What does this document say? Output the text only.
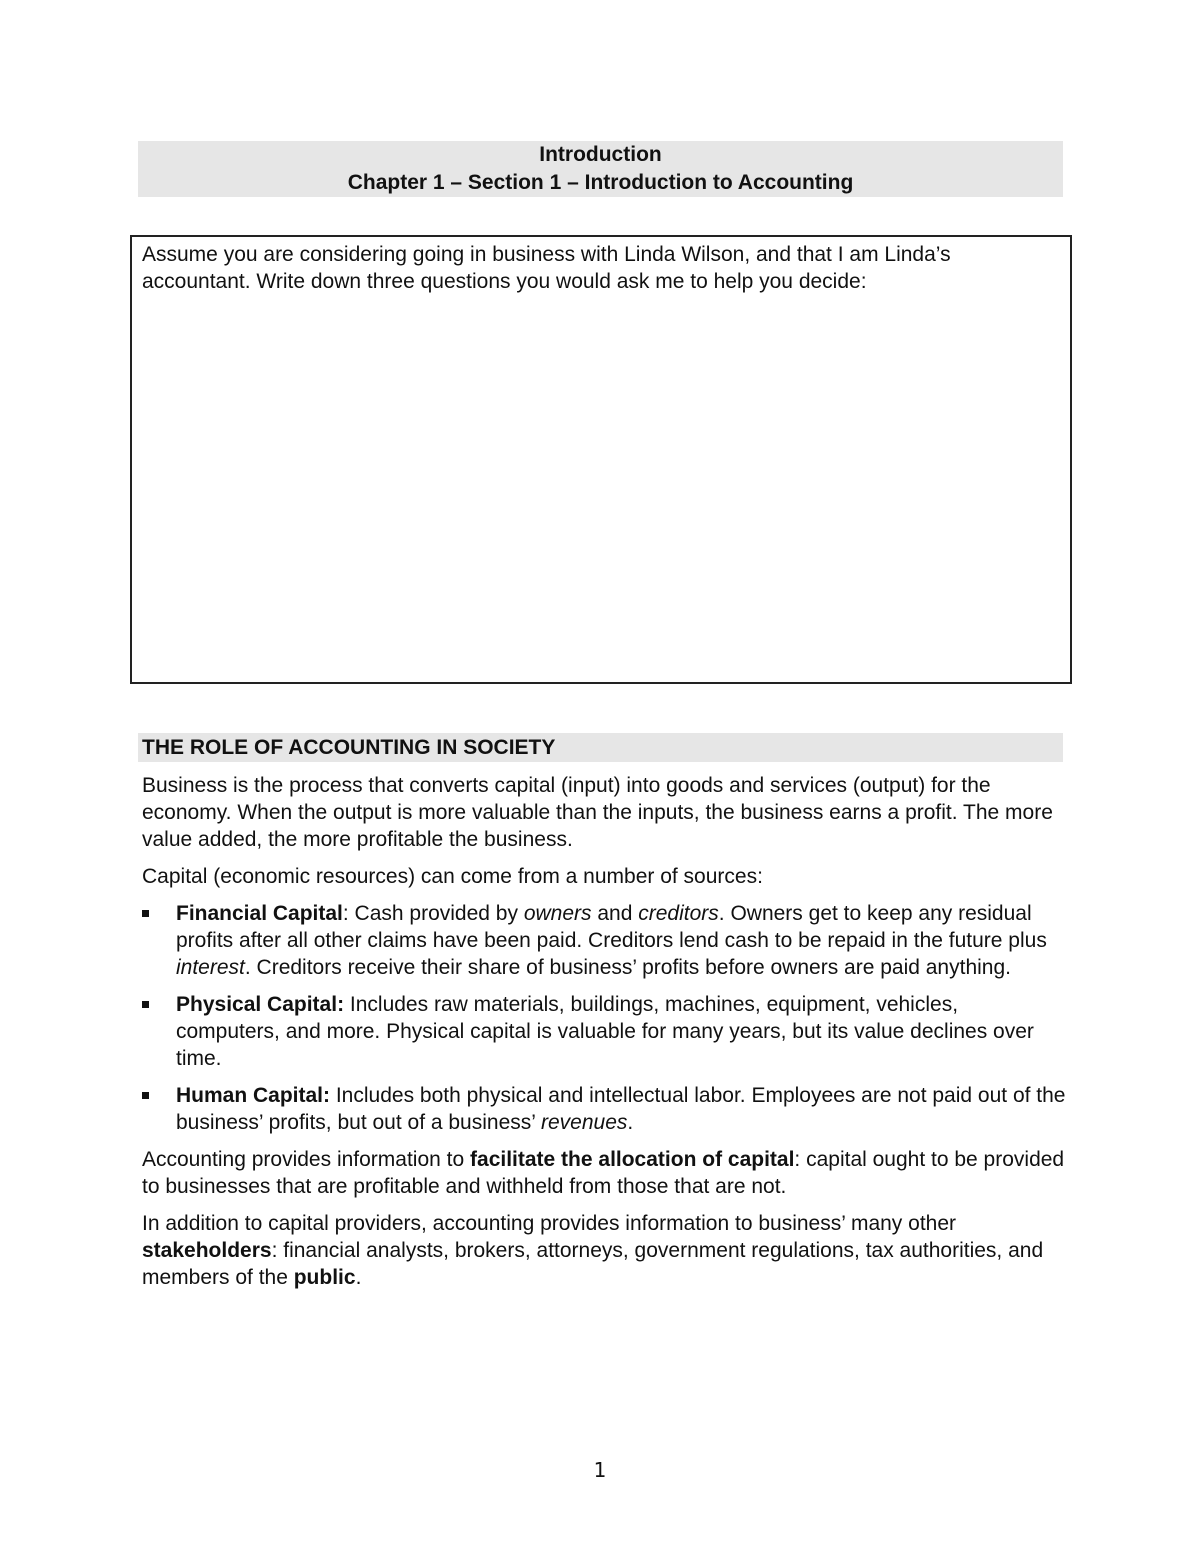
Introduction
Chapter 1 – Section 1 – Introduction to Accounting

Assume you are considering going in business with Linda Wilson, and that I am Linda’s accountant. Write down three questions you would ask me to help you decide:

THE ROLE OF ACCOUNTING IN SOCIETY

Business is the process that converts capital (input) into goods and services (output) for the economy. When the output is more valuable than the inputs, the business earns a profit. The more value added, the more profitable the business.

Capital (economic resources) can come from a number of sources:

Financial Capital: Cash provided by owners and creditors. Owners get to keep any residual profits after all other claims have been paid. Creditors lend cash to be repaid in the future plus interest. Creditors receive their share of business’ profits before owners are paid anything.
Physical Capital: Includes raw materials, buildings, machines, equipment, vehicles, computers, and more. Physical capital is valuable for many years, but its value declines over time.
Human Capital: Includes both physical and intellectual labor. Employees are not paid out of the business’ profits, but out of a business’ revenues.

Accounting provides information to facilitate the allocation of capital: capital ought to be provided to businesses that are profitable and withheld from those that are not.

In addition to capital providers, accounting provides information to business’ many other stakeholders: financial analysts, brokers, attorneys, government regulations, tax authorities, and members of the public.

1
